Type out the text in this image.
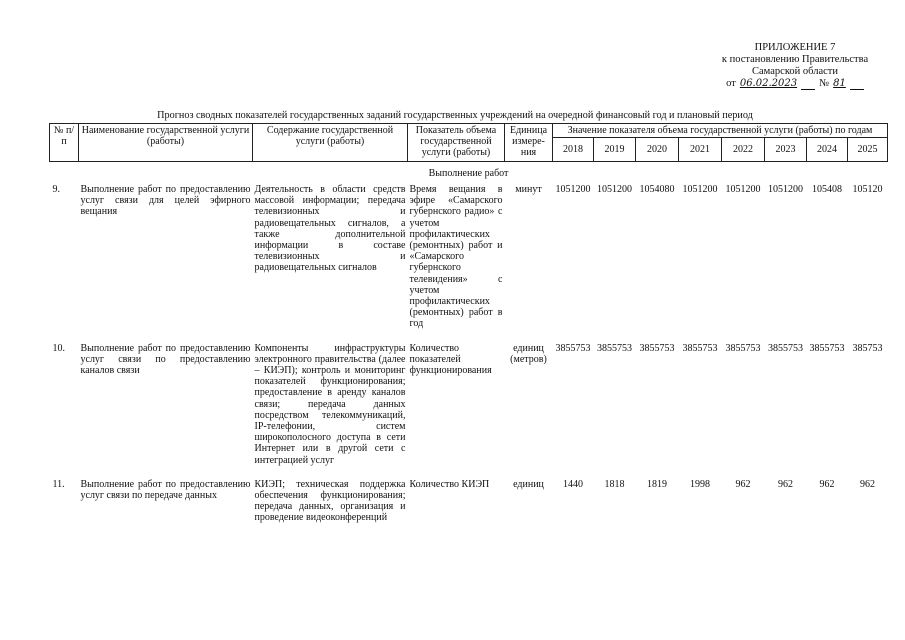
ПРИЛОЖЕНИЕ 7
к постановлению Правительства
Самарской области
от 06.02.2023 № 81
Прогноз сводных показателей государственных заданий государственных учреждений на очередной финансовый год и плановый период
№ п/п	Наименование государственной услуги (работы)	Содержание государственной услуги (работы)	Показатель объема государственной услуги (работы)	Единица измере-ния	Значение показателя объема государственной услуги (работы) по годам							
					2018	2019	2020	2021	2022	2023	2024	2025
Выполнение работ												
9.	Выполнение работ по предоставлению услуг связи для целей эфирного вещания	Деятельность в области средств массовой информации; передача телевизионных и радиовещательных сигналов, а также дополнительной информации в составе телевизионных и радиовещательных сигналов	Время вещания в эфире «Самарского губернского радио» с учетом профилактических (ремонтных) работ и «Самарского губернского телевидения» с учетом профилактических (ремонтных) работ в год	минут	1051200	1051200	1054080	1051200	1051200	1051200	105408	105120
10.	Выполнение работ по предоставлению услуг связи по предоставлению каналов связи	Компоненты инфраструктуры электронного правительства (далее – КИЭП); контроль и мониторинг показателей функционирования; предоставление в аренду каналов связи; передача данных посредством телекоммуникаций, IP-телефонии, систем широкополосного доступа в сети Интернет или в другой сети с интеграцией услуг	Количество показателей функционирования	единиц (метров)	3855753	3855753	3855753	3855753	3855753	3855753	3855753	385753
11.	Выполнение работ по предоставлению услуг связи по передаче данных	КИЭП; техническая поддержка обеспечения функционирования; передача данных, организация и проведение видеоконференций	Количество КИЭП	единиц	1440	1818	1819	1998	962	962	962	962
